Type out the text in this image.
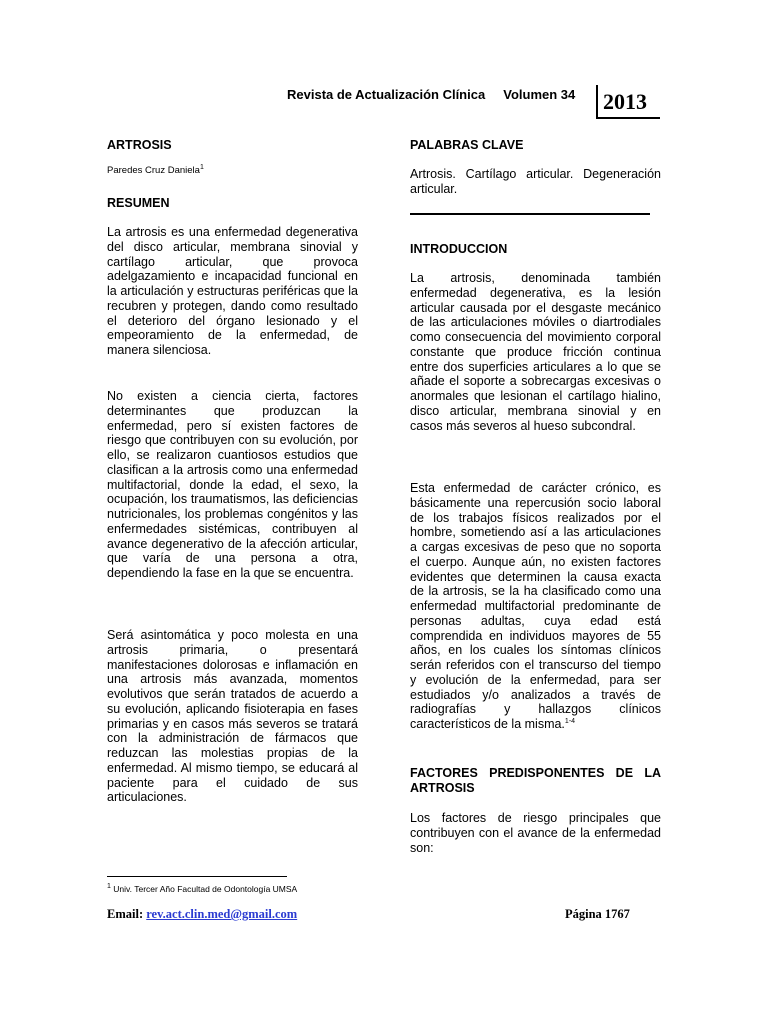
Revista de Actualización Clínica Volumen 34 2013
ARTROSIS

Paredes Cruz Daniela$^1$

RESUMEN

La artrosis es una enfermedad degenerativa del disco articular, membrana sinovial y cartílago articular, que provoca adelgazamiento e incapacidad funcional en la articulación y estructuras periféricas que la recubren y protegen, dando como resultado el deterioro del órgano lesionado y el empeoramiento de la enfermedad, de manera silenciosa.

No existen a ciencia cierta, factores determinantes que produzcan la enfermedad, pero sí existen factores de riesgo que contribuyen con su evolución, por ello, se realizaron cuantiosos estudios que clasifican a la artrosis como una enfermedad multifactorial, donde la edad, el sexo, la ocupación, los traumatismos, las deficiencias nutricionales, los problemas congénitos y las enfermedades sistémicas, contribuyen al avance degenerativo de la afección articular, que varía de una persona a otra, dependiendo la fase en la que se encuentra.

Será asintomática y poco molesta en una artrosis primaria, o presentará manifestaciones dolorosas e inflamación en una artrosis más avanzada, momentos evolutivos que serán tratados de acuerdo a su evolución, aplicando fisioterapia en fases primarias y en casos más severos se tratará con la administración de fármacos que reduzcan las molestias propias de la enfermedad. Al mismo tiempo, se educará al paciente para el cuidado de sus articulaciones.

PALABRAS CLAVE

Artrosis. Cartílago articular. Degeneración articular.

INTRODUCCION

La artrosis, denominada también enfermedad degenerativa, es la lesión articular causada por el desgaste mecánico de las articulaciones móviles o diartrodiales como consecuencia del movimiento corporal constante que produce fricción continua entre dos superficies articulares a lo que se añade el soporte a sobrecargas excesivas o anormales que lesionan el cartílago hialino, disco articular, membrana sinovial y en casos más severos al hueso subcondral.

Esta enfermedad de carácter crónico, es básicamente una repercusión socio laboral de los trabajos físicos realizados por el hombre, sometiendo así a las articulaciones a cargas excesivas de peso que no soporta el cuerpo. Aunque aún, no existen factores evidentes que determinen la causa exacta de la artrosis, se la ha clasificado como una enfermedad multifactorial predominante de personas adultas, cuya edad está comprendida en individuos mayores de 55 años, en los cuales los síntomas clínicos serán referidos con el transcurso del tiempo y evolución de la enfermedad, para ser estudiados y/o analizados a través de radiografías y hallazgos clínicos característicos de la misma.$^{1-4}$

FACTORES PREDISPONENTES DE LA ARTROSIS

Los factores de riesgo principales que contribuyen con el avance de la enfermedad son:

$^1$ Univ. Tercer Año Facultad de Odontología UMSA
Email: rev.act.clin.med@gmail.com	Página 1767
